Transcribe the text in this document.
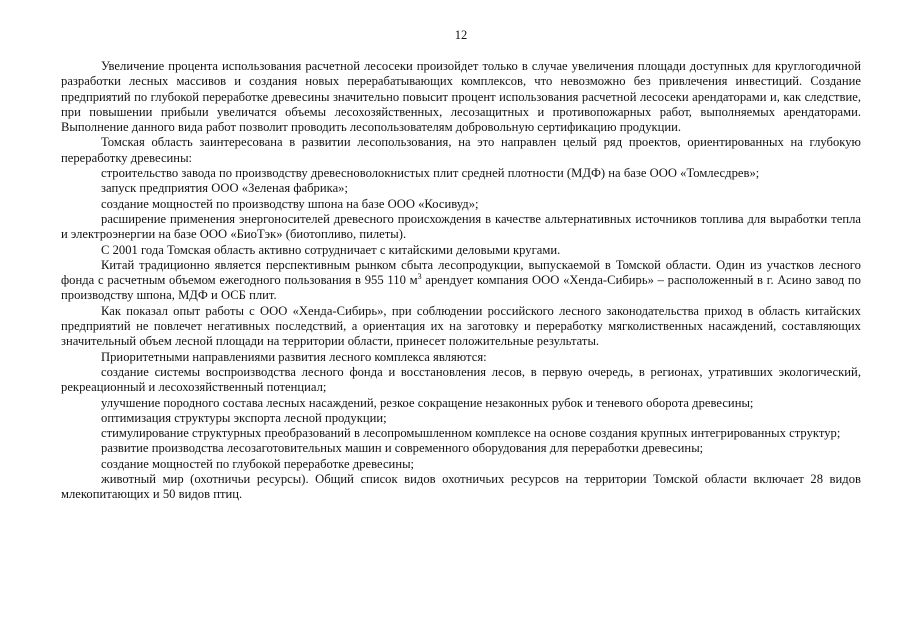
12

Увеличение процента использования расчетной лесосеки произойдет только в случае увеличения площади доступных для круглогодичной разработки лесных массивов и создания новых перерабатывающих комплексов, что невозможно без привлечения инвестиций. Создание предприятий по глубокой переработке древесины значительно повысит процент использования расчетной лесосеки арендаторами и, как следствие, при повышении прибыли увеличатся объемы лесохозяйственных, лесозащитных и противопожарных работ, выполняемых арендаторами. Выполнение данного вида работ позволит проводить лесопользователям добровольную сертификацию продукции.

Томская область заинтересована в развитии лесопользования, на это направлен целый ряд проектов, ориентированных на глубокую переработку древесины:

строительство завода по производству древесноволокнистых плит средней плотности (МДФ) на базе ООО «Томлесдрев»;

запуск предприятия ООО «Зеленая фабрика»;

создание мощностей по производству шпона на базе ООО «Косивуд»;

расширение применения энергоносителей древесного происхождения в качестве альтернативных источников топлива для выработки тепла и электроэнергии на базе ООО «БиоТэк» (биотопливо, пилеты).

С 2001 года Томская область активно сотрудничает с китайскими деловыми кругами.

Китай традиционно является перспективным рынком сбыта лесопродукции, выпускаемой в Томской области. Один из участков лесного фонда с расчетным объемом ежегодного пользования в 955 110 $м^3$ арендует компания ООО «Хенда-Сибирь» – расположенный в г. Асино завод по производству шпона, МДФ и ОСБ плит.

Как показал опыт работы с ООО «Хенда-Сибирь», при соблюдении российского лесного законодательства приход в область китайских предприятий не повлечет негативных последствий, а ориентация их на заготовку и переработку мягколиственных насаждений, составляющих значительный объем лесной площади на территории области, принесет положительные результаты.

Приоритетными направлениями развития лесного комплекса являются:

создание системы воспроизводства лесного фонда и восстановления лесов, в первую очередь, в регионах, утративших экологический, рекреационный и лесохозяйственный потенциал;

улучшение породного состава лесных насаждений, резкое сокращение незаконных рубок и теневого оборота древесины;

оптимизация структуры экспорта лесной продукции;

стимулирование структурных преобразований в лесопромышленном комплексе на основе создания крупных интегрированных структур;

развитие производства лесозаготовительных машин и современного оборудования для переработки древесины;

создание мощностей по глубокой переработке древесины;

животный мир (охотничьи ресурсы). Общий список видов охотничьих ресурсов на территории Томской области включает 28 видов млекопитающих и 50 видов птиц.
